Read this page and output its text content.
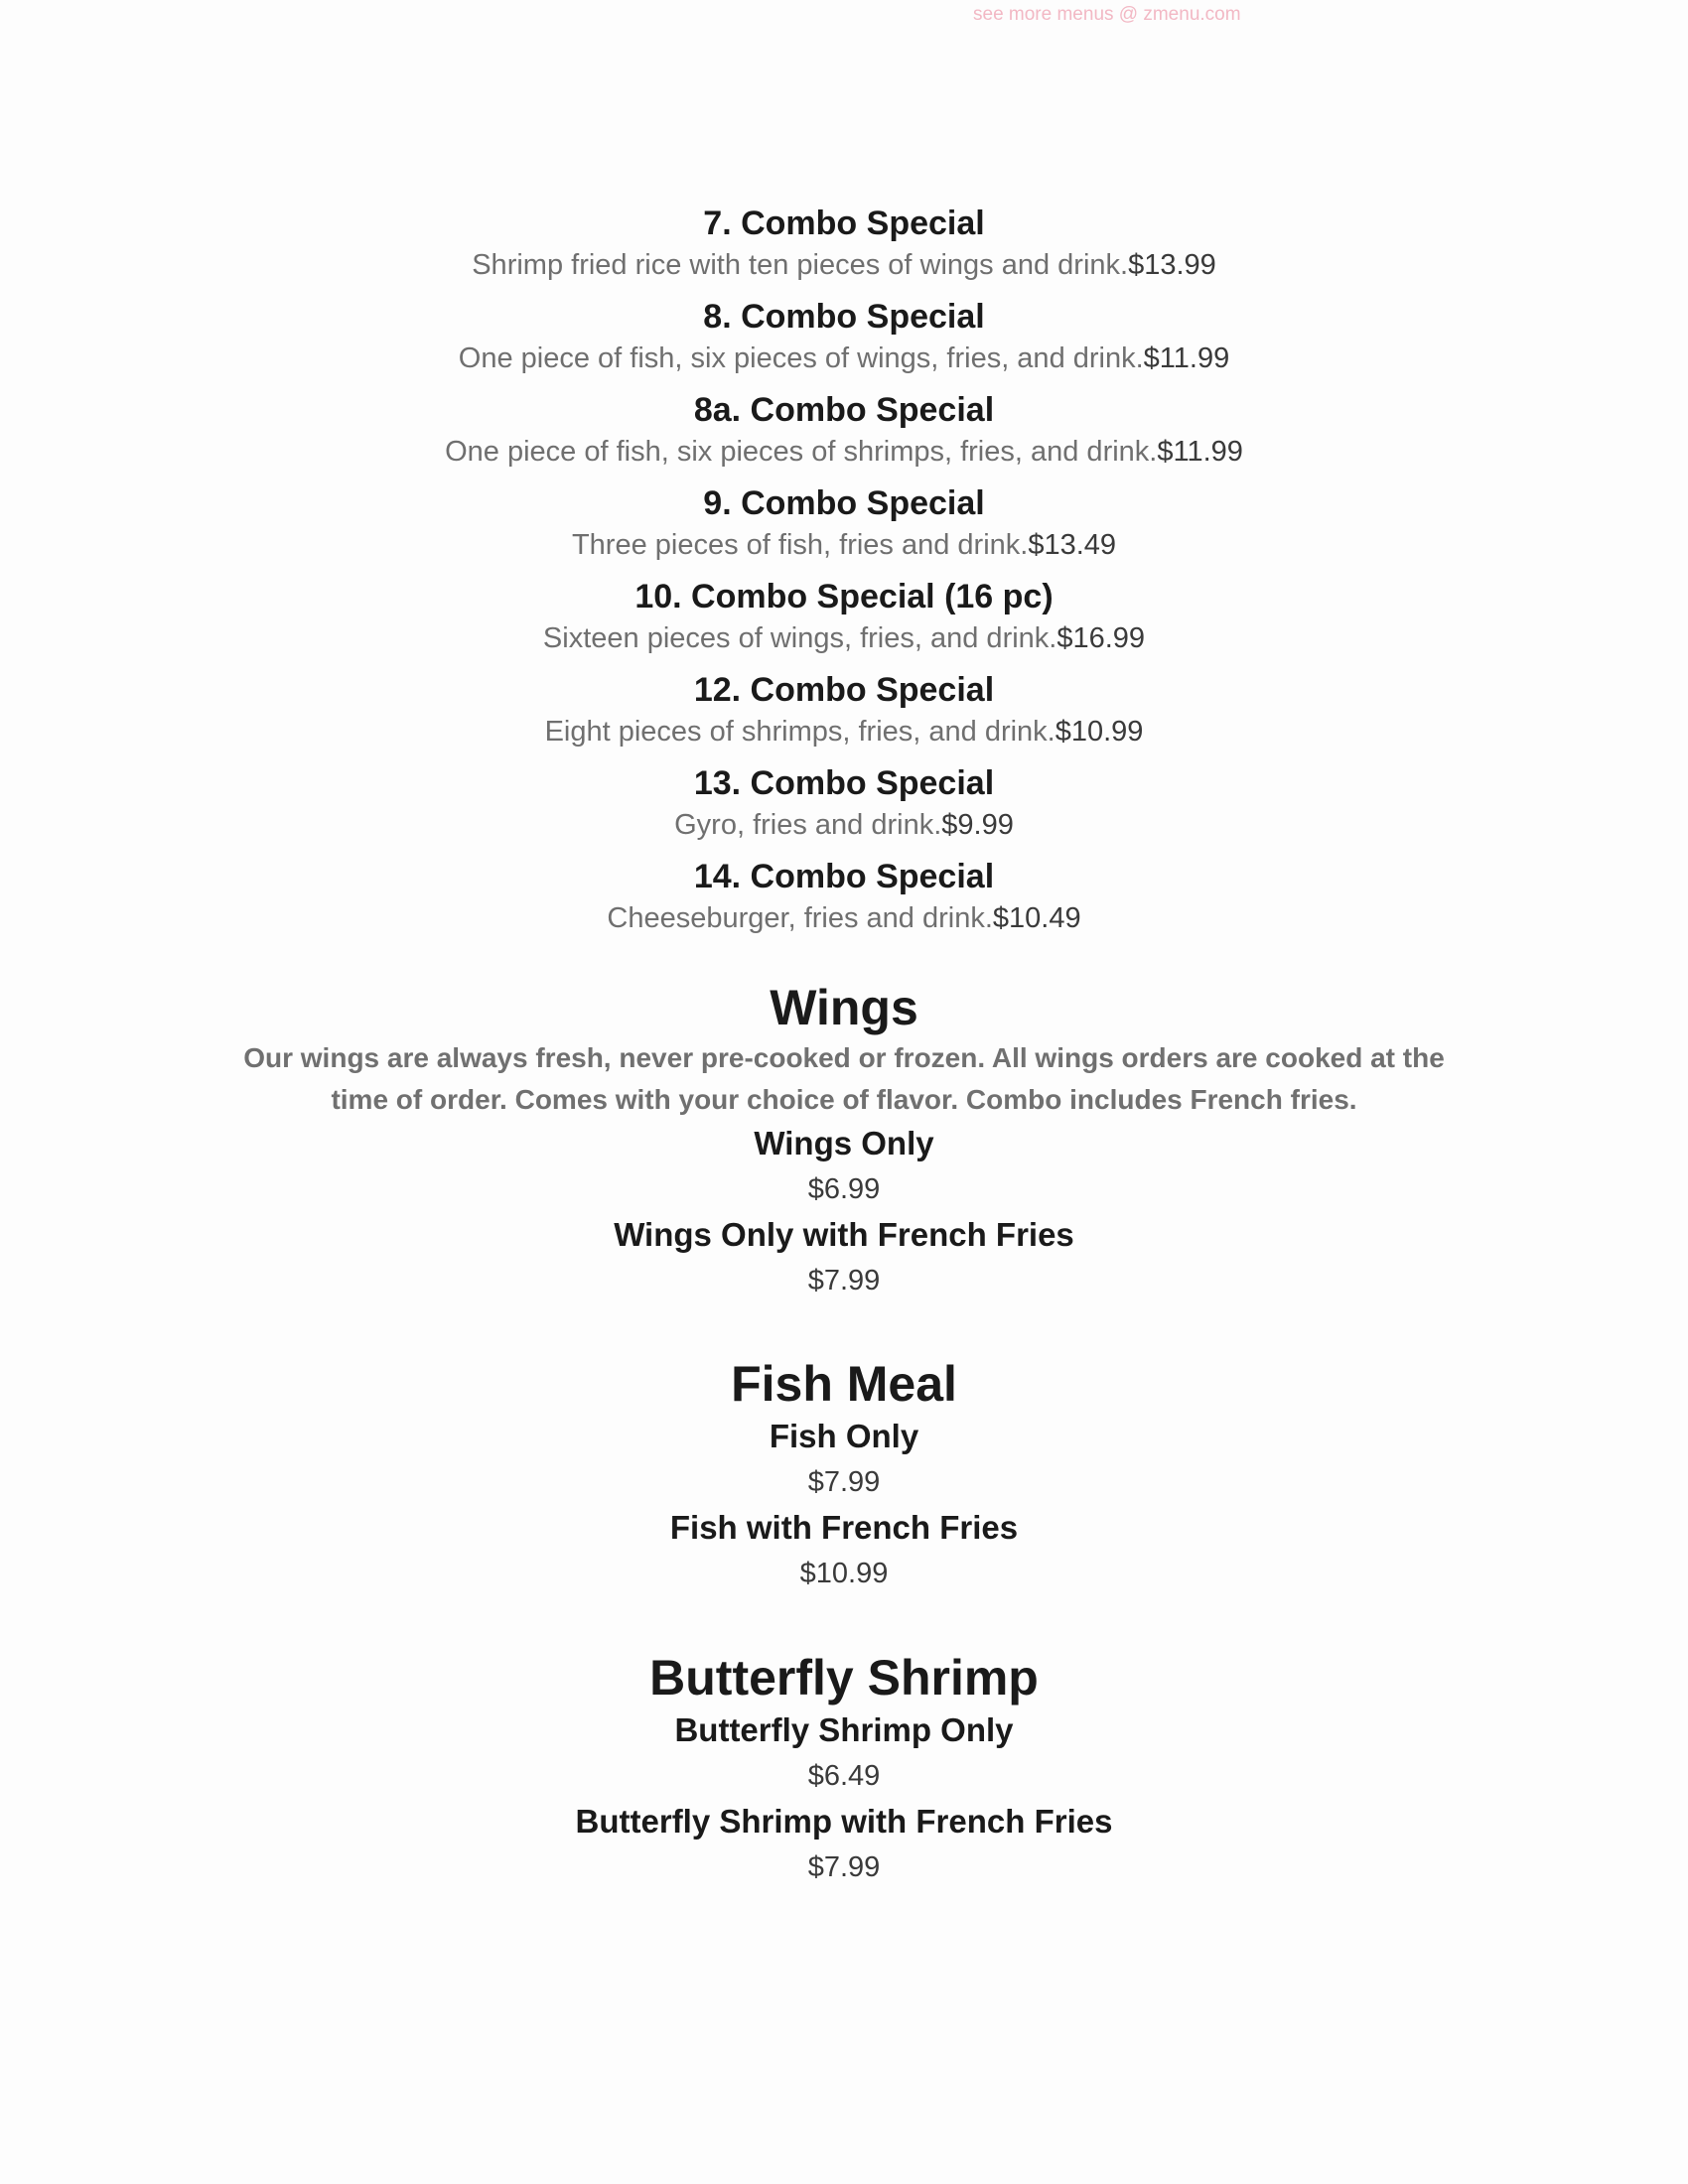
see more menus @ zmenu.com

7. Combo Special

Shrimp fried rice with ten pieces of wings and drink.$13.99

8. Combo Special

One piece of fish, six pieces of wings, fries, and drink.$11.99

8a. Combo Special

One piece of fish, six pieces of shrimps, fries, and drink.$11.99

9. Combo Special

Three pieces of fish, fries and drink.$13.49

10. Combo Special (16 pc)

Sixteen pieces of wings, fries, and drink.$16.99

12. Combo Special

Eight pieces of shrimps, fries, and drink.$10.99

13. Combo Special

Gyro, fries and drink.$9.99

14. Combo Special

Cheeseburger, fries and drink.$10.49

Wings
Our wings are always fresh, never pre-cooked or frozen. All wings orders are cooked at the time of order. Comes with your choice of flavor. Combo includes French fries.

Wings Only

$6.99

Wings Only with French Fries

$7.99

Fish Meal

Fish Only

$7.99

Fish with French Fries

$10.99

Butterfly Shrimp

Butterfly Shrimp Only

$6.49

Butterfly Shrimp with French Fries

$7.99
